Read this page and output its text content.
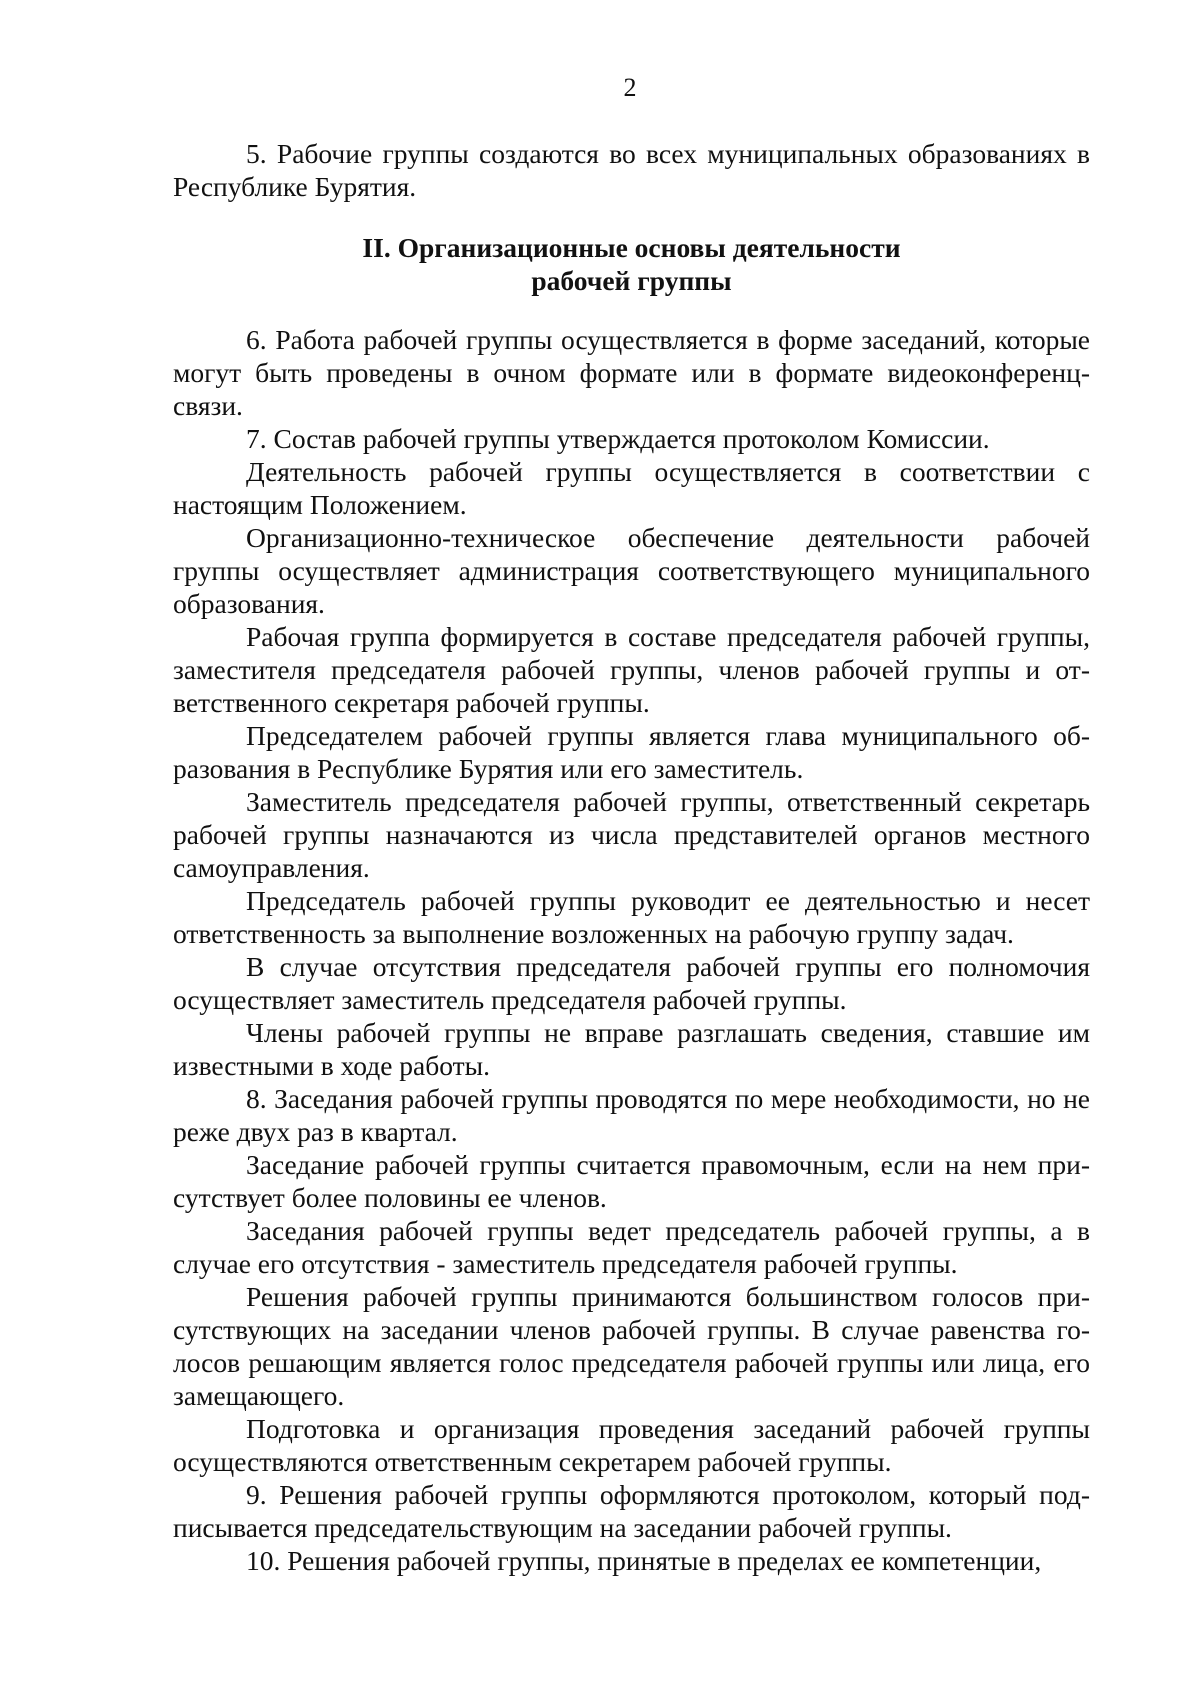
2

5. Рабочие группы создаются во всех муниципальных образованиях в Республике Бурятия.

II. Организационные основы деятельности
рабочей группы

6. Работа рабочей группы осуществляется в форме заседаний, которые могут быть проведены в очном формате или в формате видеоконференц-связи.

7. Состав рабочей группы утверждается протоколом Комиссии.

Деятельность рабочей группы осуществляется в соответствии с настоящим Положением.

Организационно-техническое обеспечение деятельности рабочей группы осуществляет администрация соответствующего муниципального образования.

Рабочая группа формируется в составе председателя рабочей группы, заместителя председателя рабочей группы, членов рабочей группы и ответственного секретаря рабочей группы.

Председателем рабочей группы является глава муниципального образования в Республике Бурятия или его заместитель.

Заместитель председателя рабочей группы, ответственный секретарь рабочей группы назначаются из числа представителей органов местного самоуправления.

Председатель рабочей группы руководит ее деятельностью и несет ответственность за выполнение возложенных на рабочую группу задач.

В случае отсутствия председателя рабочей группы его полномочия осуществляет заместитель председателя рабочей группы.

Члены рабочей группы не вправе разглашать сведения, ставшие им известными в ходе работы.

8. Заседания рабочей группы проводятся по мере необходимости, но не реже двух раз в квартал.

Заседание рабочей группы считается правомочным, если на нем присутствует более половины ее членов.

Заседания рабочей группы ведет председатель рабочей группы, а в случае его отсутствия - заместитель председателя рабочей группы.

Решения рабочей группы принимаются большинством голосов присутствующих на заседании членов рабочей группы. В случае равенства голосов решающим является голос председателя рабочей группы или лица, его замещающего.

Подготовка и организация проведения заседаний рабочей группы осуществляются ответственным секретарем рабочей группы.

9. Решения рабочей группы оформляются протоколом, который подписывается председательствующим на заседании рабочей группы.

10. Решения рабочей группы, принятые в пределах ее компетенции,
